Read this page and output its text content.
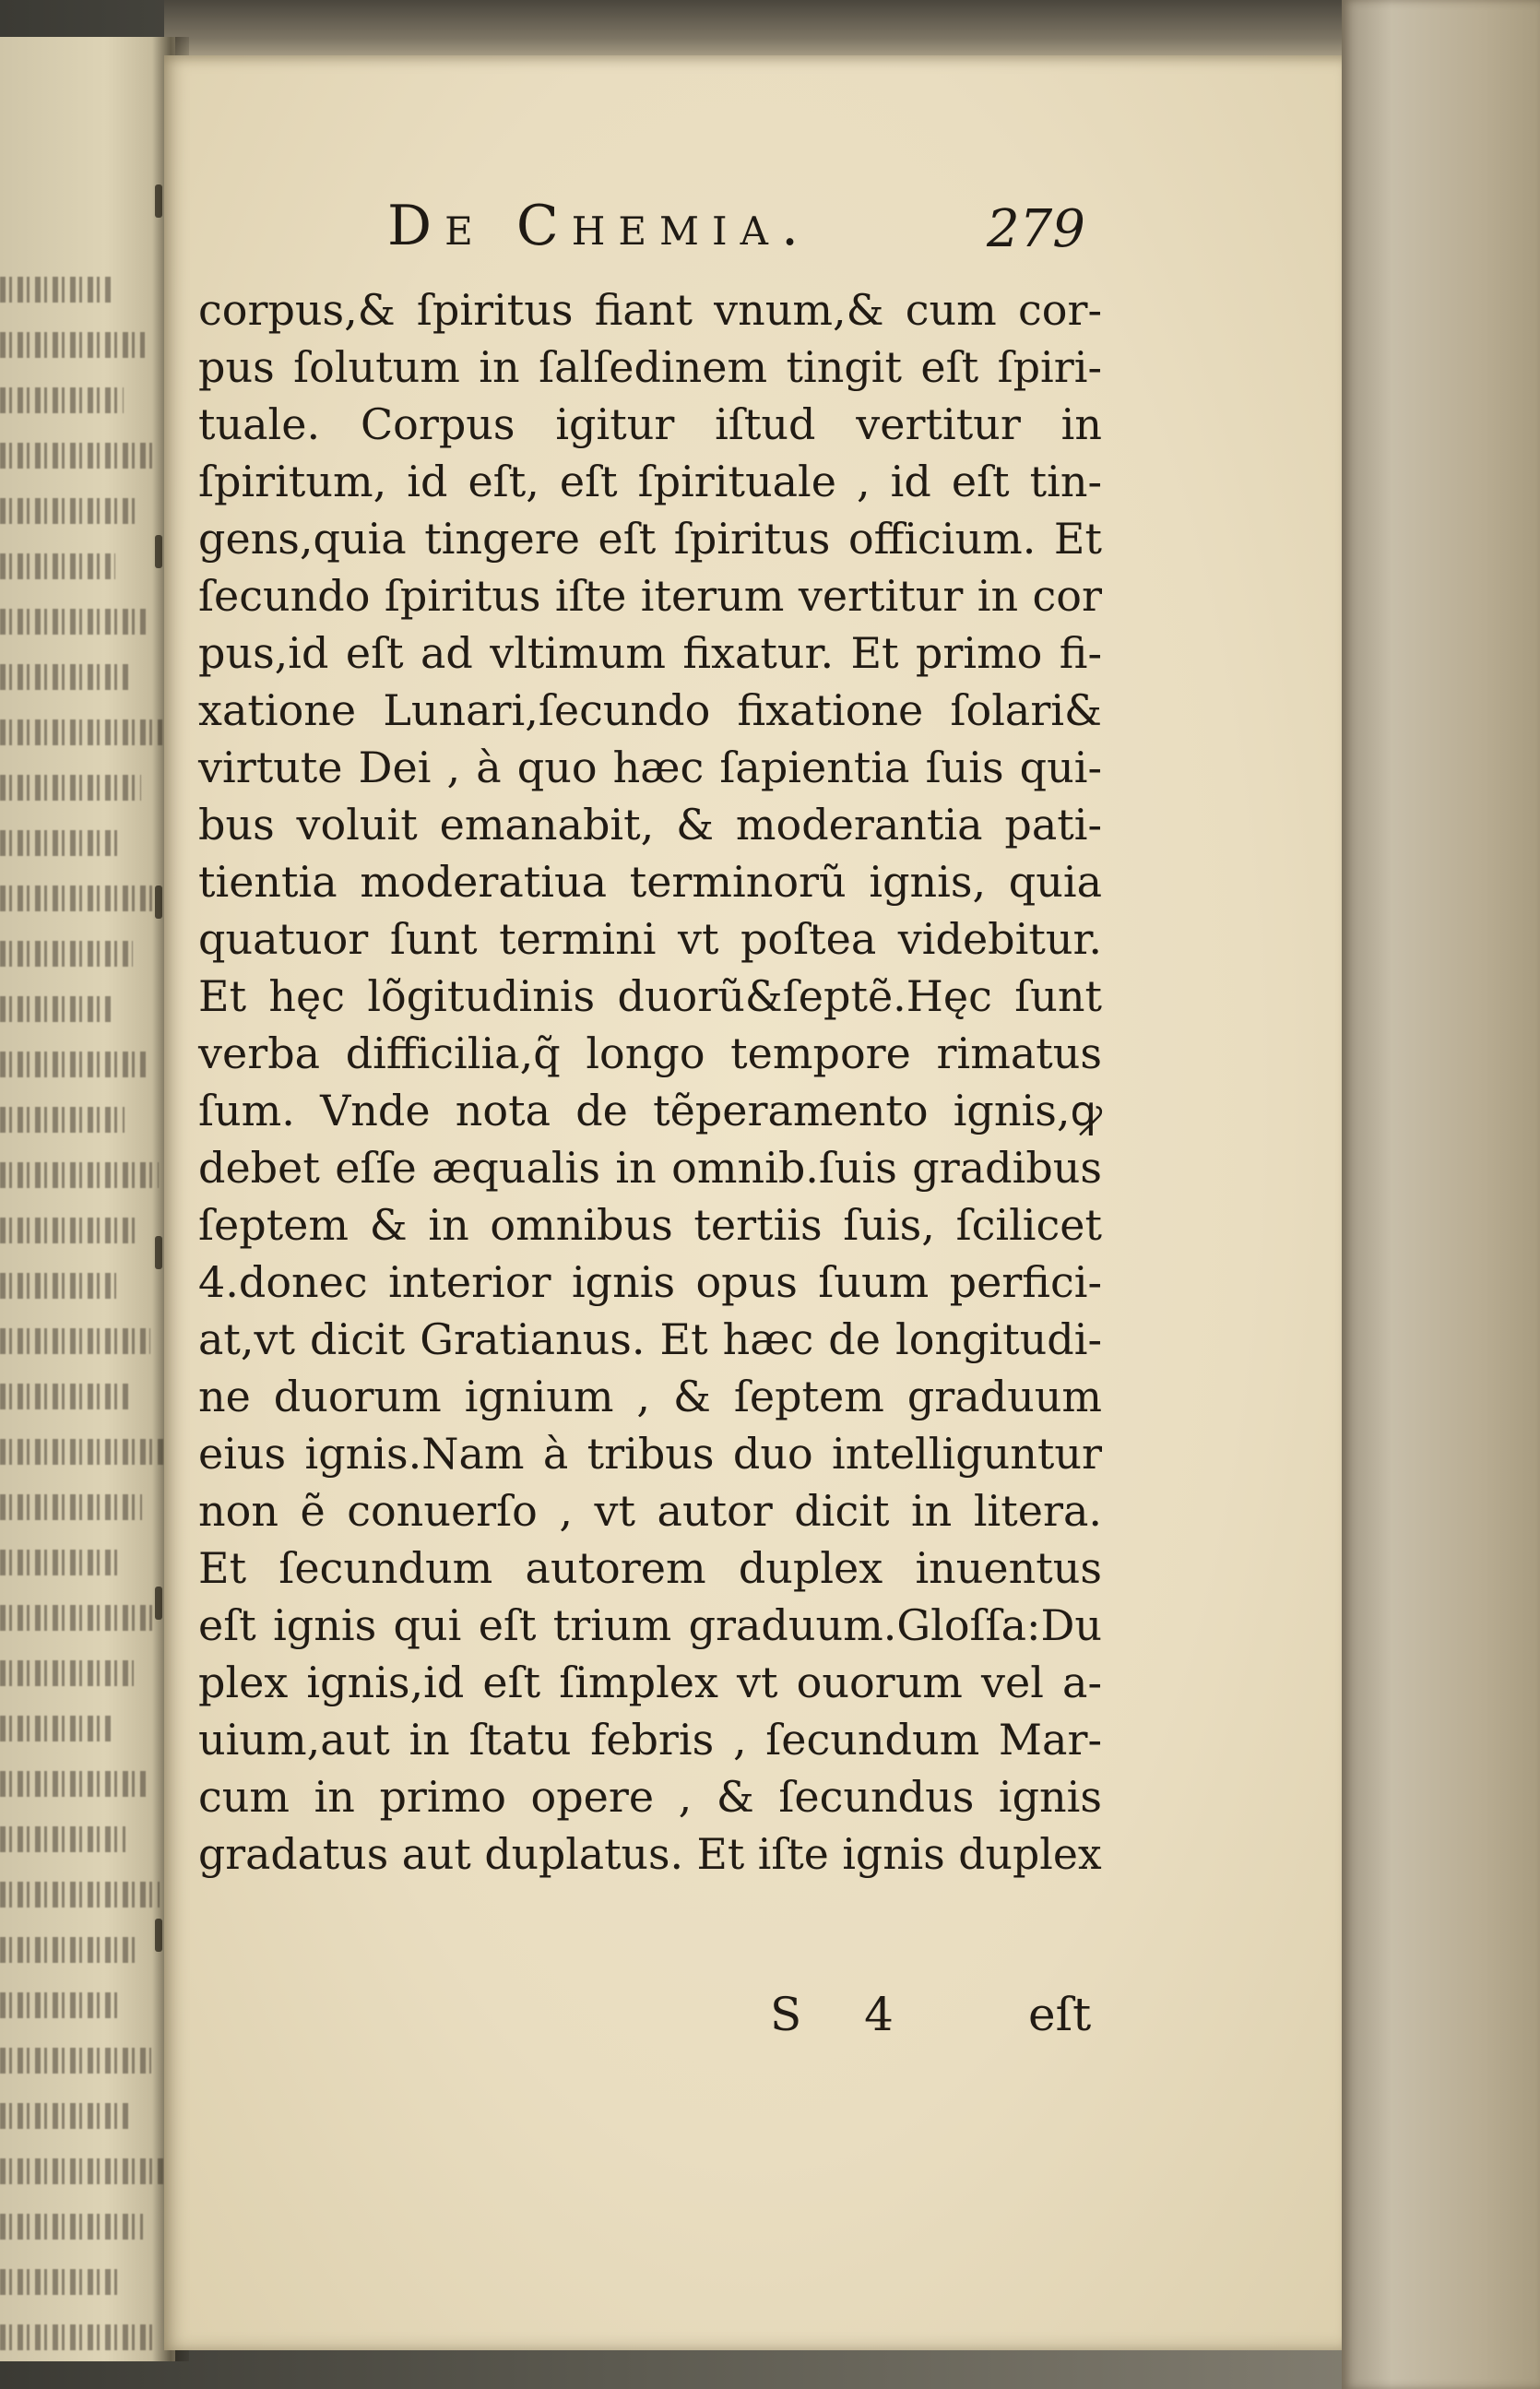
De Chemia.	279
corpus,& ſpiritus fiant vnum,& cum cor-
pus ſolutum in ſalſedinem tingit eſt ſpiri-
tuale. Corpus igitur iſtud vertitur in
ſpiritum, id eſt, eſt ſpirituale , id eſt tin-
gens,quia tingere eſt ſpiritus officium. Et
ſecundo ſpiritus iſte iterum vertitur in cor
pus,id eſt ad vltimum fixatur. Et primo fi-
xatione Lunari,ſecundo fixatione ſolari&
virtute Dei , à quo hæc ſapientia ſuis qui-
bus voluit emanabit, & moderantia pati-
tientia moderatiua terminorũ ignis, quia
quatuor ſunt termini vt poſtea videbitur.
Et hęc lõgitudinis duorũ&ſeptẽ.Hęc ſunt
verba difficilia,q̃ longo tempore rimatus
ſum. Vnde nota de tẽperamento ignis,ꝙ
debet eſſe æqualis in omnib.ſuis gradibus
ſeptem & in omnibus tertiis ſuis, ſcilicet
4.donec interior ignis opus ſuum perfici-
at,vt dicit Gratianus. Et hæc de longitudi-
ne duorum ignium , & ſeptem graduum
eius ignis.Nam à tribus duo intelliguntur
non ẽ conuerſo , vt autor dicit in litera.
Et ſecundum autorem duplex inuentus
eſt ignis qui eſt trium graduum.Gloſſa:Du
plex ignis,id eſt ſimplex vt ouorum vel a-
uium,aut in ſtatu febris , ſecundum Mar-
cum in primo opere , & ſecundus ignis
gradatus aut duplatus. Et iſte ignis duplex
S 4 eſt
